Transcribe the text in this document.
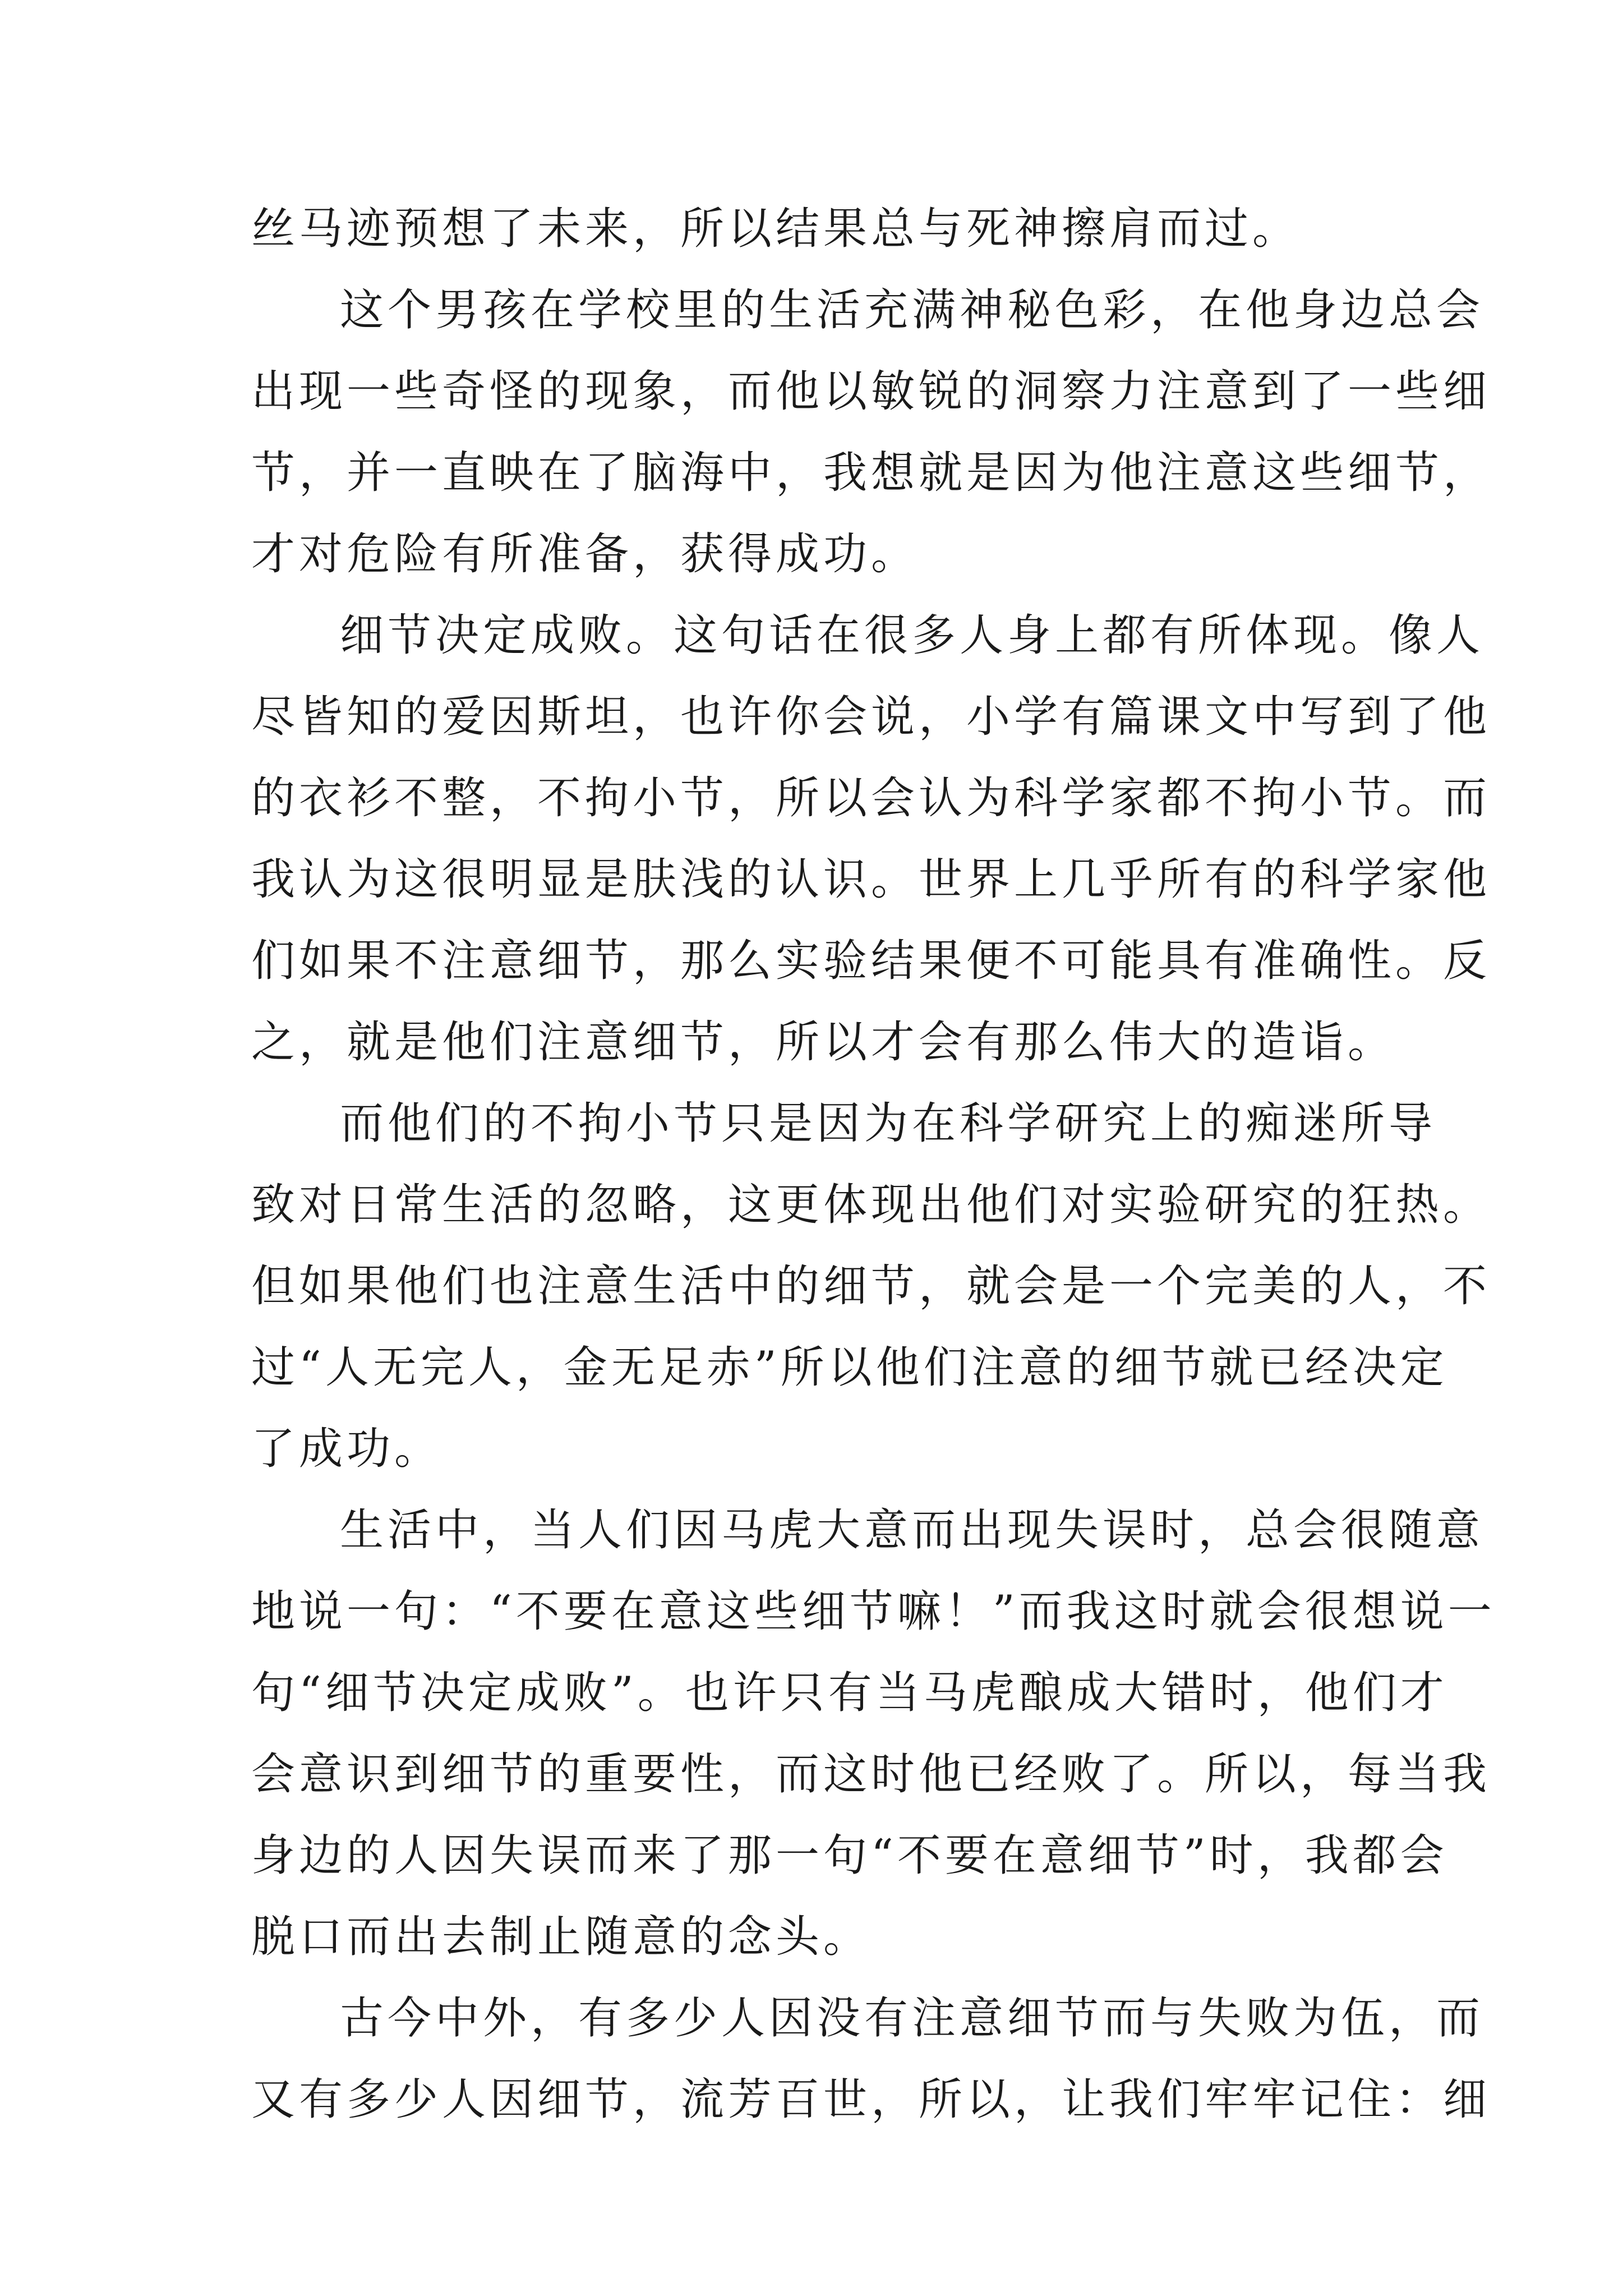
丝马迹预想了未来，所以结果总与死神擦肩而过。
这个男孩在学校里的生活充满神秘色彩，在他身边总会
出现一些奇怪的现象，而他以敏锐的洞察力注意到了一些细
节，并一直映在了脑海中，我想就是因为他注意这些细节，
才对危险有所准备，获得成功。
细节决定成败。这句话在很多人身上都有所体现。像人
尽皆知的爱因斯坦，也许你会说，小学有篇课文中写到了他
的衣衫不整，不拘小节，所以会认为科学家都不拘小节。而
我认为这很明显是肤浅的认识。世界上几乎所有的科学家他
们如果不注意细节，那么实验结果便不可能具有准确性。反
之，就是他们注意细节，所以才会有那么伟大的造诣。
而他们的不拘小节只是因为在科学研究上的痴迷所导
致对日常生活的忽略，这更体现出他们对实验研究的狂热。
但如果他们也注意生活中的细节，就会是一个完美的人，不
过“人无完人，金无足赤”所以他们注意的细节就已经决定
了成功。
生活中，当人们因马虎大意而出现失误时，总会很随意
地说一句：“不要在意这些细节嘛！”而我这时就会很想说一
句“细节决定成败”。也许只有当马虎酿成大错时，他们才
会意识到细节的重要性，而这时他已经败了。所以，每当我
身边的人因失误而来了那一句“不要在意细节”时，我都会
脱口而出去制止随意的念头。
古今中外，有多少人因没有注意细节而与失败为伍，而
又有多少人因细节，流芳百世，所以，让我们牢牢记住：细
